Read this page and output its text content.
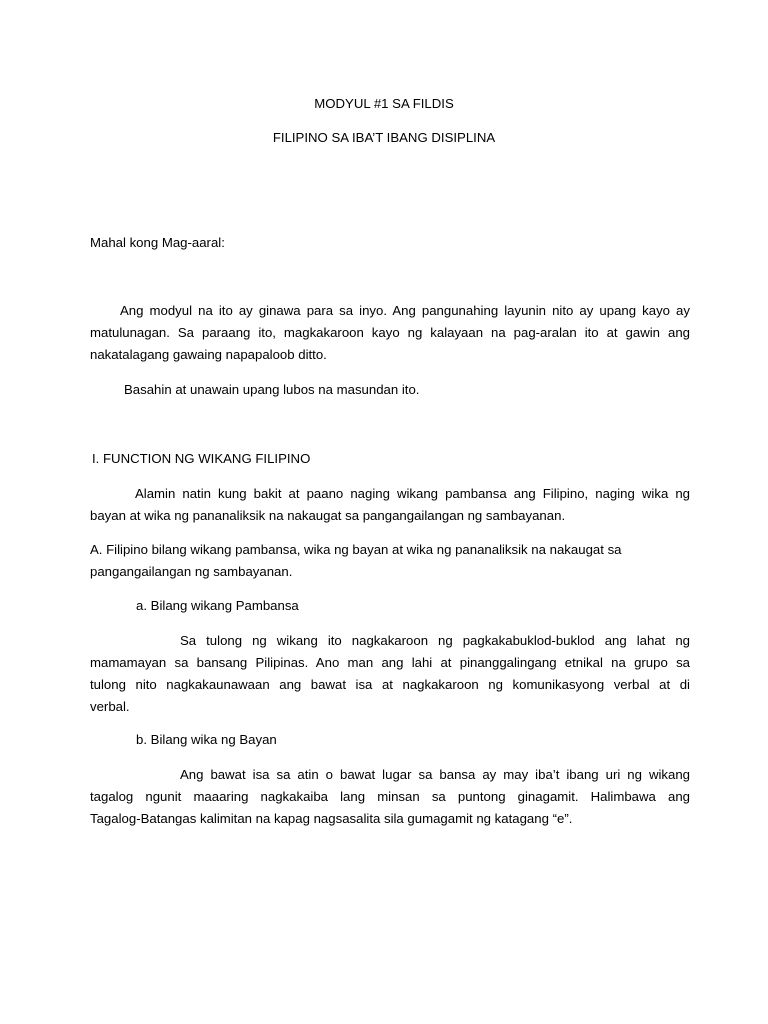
MODYUL #1 SA FILDIS
FILIPINO SA IBA’T IBANG DISIPLINA
Mahal kong Mag-aaral:
Ang modyul na ito ay ginawa para sa inyo. Ang pangunahing layunin nito ay upang kayo ay
matulunagan. Sa paraang ito, magkakaroon kayo ng kalayaan na pag-aralan ito at gawin ang
nakatalagang gawaing napapaloob ditto.
Basahin at unawain upang lubos na masundan ito.
I. FUNCTION NG WIKANG FILIPINO
Alamin natin kung bakit at paano naging wikang pambansa ang Filipino, naging wika ng
bayan at wika ng pananaliksik na nakaugat sa pangangailangan ng sambayanan.
A. Filipino bilang wikang pambansa, wika ng bayan at wika ng pananaliksik na nakaugat sa
pangangailangan ng sambayanan.
a. Bilang wikang Pambansa
Sa tulong ng wikang ito nagkakaroon ng pagkakabuklod-buklod ang lahat ng
mamamayan sa bansang Pilipinas. Ano man ang lahi at pinanggalingang etnikal na grupo sa
tulong nito nagkakaunawaan ang bawat isa at nagkakaroon ng komunikasyong verbal at di
verbal.
b. Bilang wika ng Bayan
Ang bawat isa sa atin o bawat lugar sa bansa ay may iba’t ibang uri ng wikang
tagalog ngunit maaaring nagkakaiba lang minsan sa puntong ginagamit. Halimbawa ang
Tagalog-Batangas kalimitan na kapag nagsasalita sila gumagamit ng katagang “e”.
